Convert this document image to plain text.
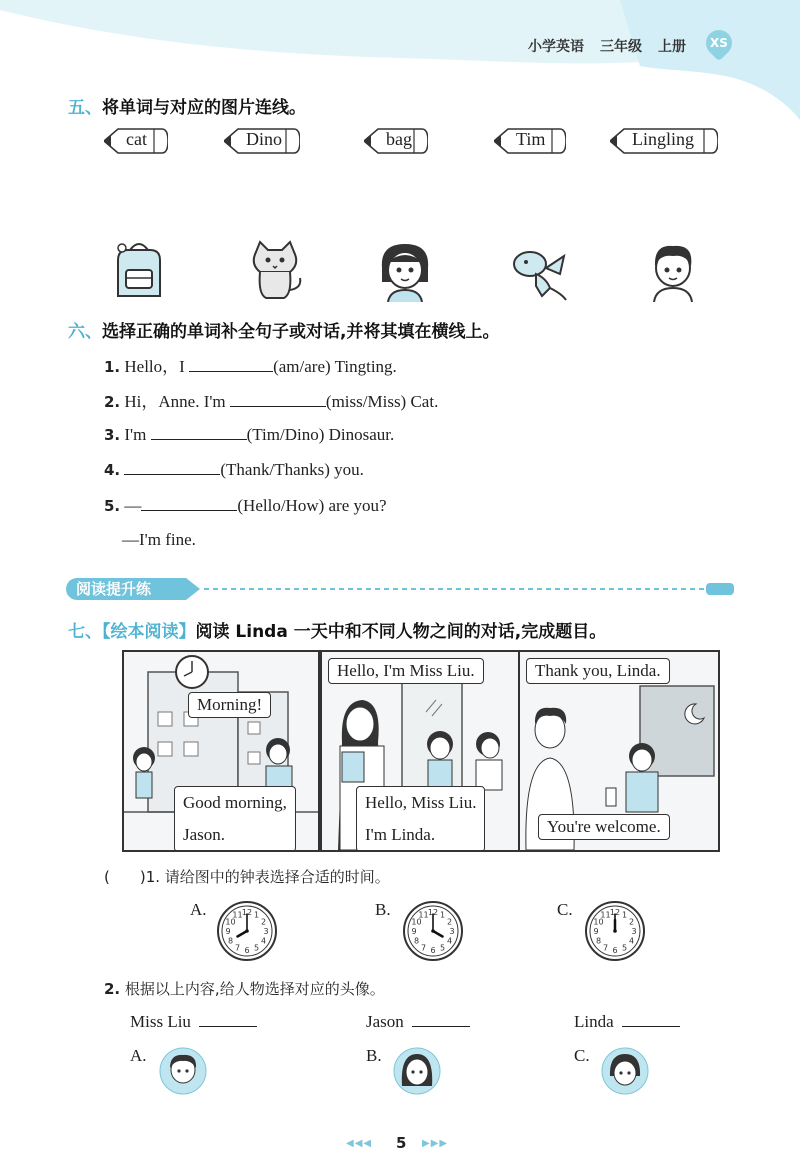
小学英语 三年级 上册	XS
五、将单词与对应的图片连线。
cat	Dino	bag	Tim	Lingling
六、选择正确的单词补全句子或对话,并将其填在横线上。
1. Hello，I	(am/are) Tingting.
2. Hi，Anne. I'm	(miss/Miss) Cat.
3. I'm	(Tim/Dino) Dinosaur.
4.	(Thank/Thanks) you.
5. —	(Hello/How) are you?
—I'm fine.
阅读提升练
七、【绘本阅读】阅读 Linda 一天中和不同人物之间的对话,完成题目。
Morning!
Good morning,
Jason.
Hello, I'm Miss Liu.
Hello, Miss Liu.
I'm Linda.
Thank you, Linda.
You're welcome.
(　　)1. 请给图中的钟表选择合适的时间。
A.	B.	C.
1
2
3
4
5
6
7
8
9
10
11 12	1
2
3
4
5
6
7
8
9
10
11 12	1
2
3
4
5
6
7
8
9
10
11 12
2. 根据以上内容,给人物选择对应的头像。
Miss Liu	Jason	Linda
A.	B.	C.
◀◀◀ 5 ▶▶▶
